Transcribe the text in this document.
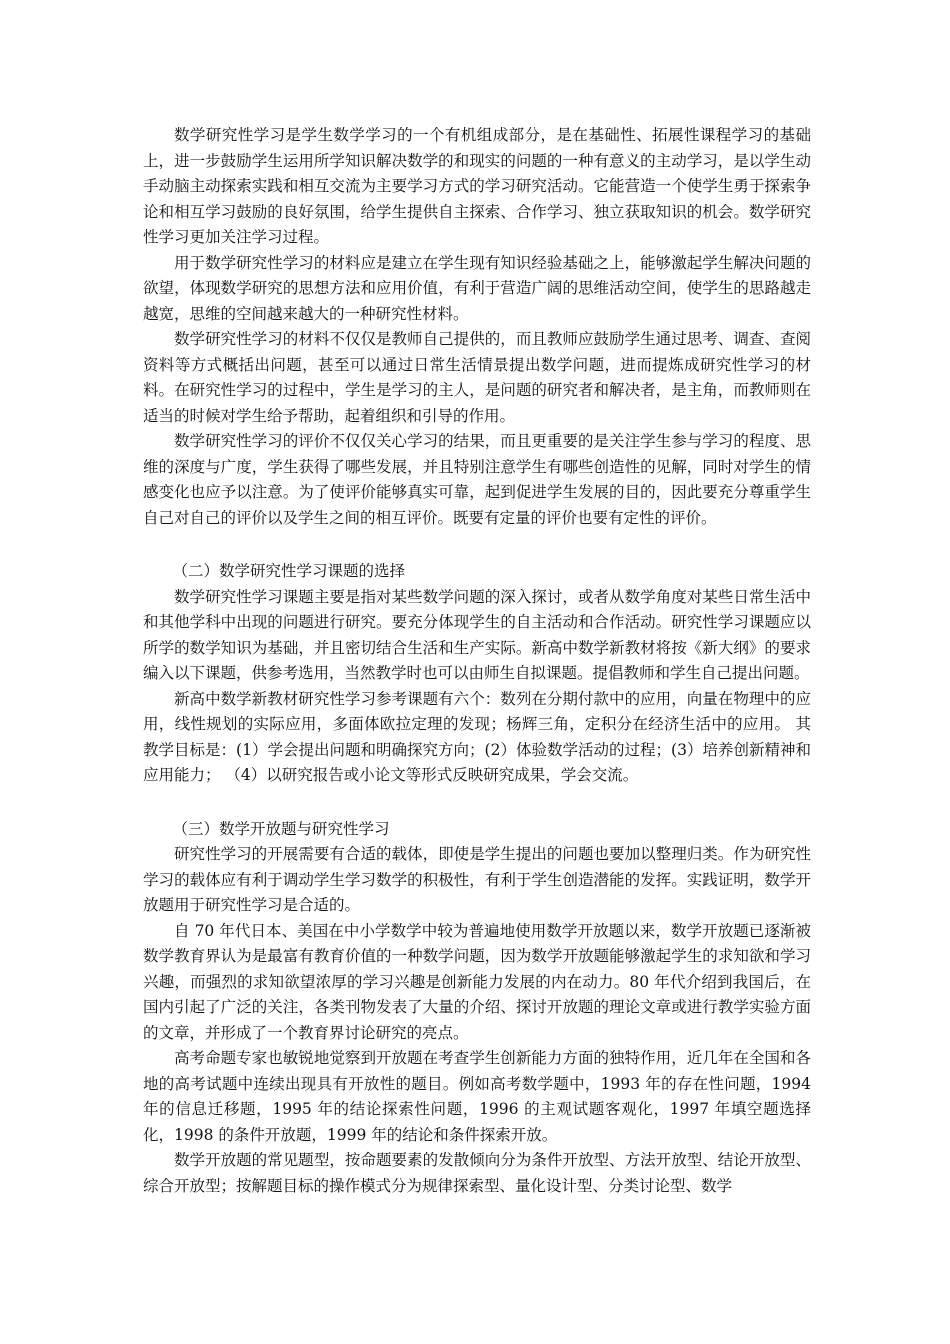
数学研究性学习是学生数学学习的一个有机组成部分，是在基础性、拓展性课程学习的基础上，进一步鼓励学生运用所学知识解决数学的和现实的问题的一种有意义的主动学习，是以学生动手动脑主动探索实践和相互交流为主要学习方式的学习研究活动。它能营造一个使学生勇于探索争论和相互学习鼓励的良好氛围，给学生提供自主探索、合作学习、独立获取知识的机会。数学研究性学习更加关注学习过程。

用于数学研究性学习的材料应是建立在学生现有知识经验基础之上，能够激起学生解决问题的欲望，体现数学研究的思想方法和应用价值，有利于营造广阔的思维活动空间，使学生的思路越走越宽，思维的空间越来越大的一种研究性材料。

数学研究性学习的材料不仅仅是教师自己提供的，而且教师应鼓励学生通过思考、调查、查阅资料等方式概括出问题，甚至可以通过日常生活情景提出数学问题，进而提炼成研究性学习的材料。在研究性学习的过程中，学生是学习的主人，是问题的研究者和解决者，是主角，而教师则在适当的时候对学生给予帮助，起着组织和引导的作用。

数学研究性学习的评价不仅仅关心学习的结果，而且更重要的是关注学生参与学习的程度、思维的深度与广度，学生获得了哪些发展，并且特别注意学生有哪些创造性的见解，同时对学生的情感变化也应予以注意。为了使评价能够真实可靠，起到促进学生发展的目的，因此要充分尊重学生自己对自己的评价以及学生之间的相互评价。既要有定量的评价也要有定性的评价。

（二）数学研究性学习课题的选择

数学研究性学习课题主要是指对某些数学问题的深入探讨，或者从数学角度对某些日常生活中和其他学科中出现的问题进行研究。要充分体现学生的自主活动和合作活动。研究性学习课题应以所学的数学知识为基础，并且密切结合生活和生产实际。新高中数学新教材将按《新大纲》的要求编入以下课题，供参考选用，当然教学时也可以由师生自拟课题。提倡教师和学生自己提出问题。

新高中数学新教材研究性学习参考课题有六个：数列在分期付款中的应用，向量在物理中的应用，线性规划的实际应用，多面体欧拉定理的发现；杨辉三角，定积分在经济生活中的应用。 其教学目标是：(1）学会提出问题和明确探究方向；(2）体验数学活动的过程；(3）培养创新精神和应用能力； （4）以研究报告或小论文等形式反映研究成果，学会交流。

（三）数学开放题与研究性学习

研究性学习的开展需要有合适的载体，即使是学生提出的问题也要加以整理归类。作为研究性学习的载体应有利于调动学生学习数学的积极性，有利于学生创造潜能的发挥。实践证明，数学开放题用于研究性学习是合适的。

自 70 年代日本、美国在中小学数学中较为普遍地使用数学开放题以来，数学开放题已逐渐被数学教育界认为是最富有教育价值的一种数学问题，因为数学开放题能够激起学生的求知欲和学习兴趣，而强烈的求知欲望浓厚的学习兴趣是创新能力发展的内在动力。80 年代介绍到我国后，在国内引起了广泛的关注，各类刊物发表了大量的介绍、探讨开放题的理论文章或进行教学实验方面的文章，并形成了一个教育界讨论研究的亮点。

高考命题专家也敏锐地觉察到开放题在考查学生创新能力方面的独特作用，近几年在全国和各地的高考试题中连续出现具有开放性的题目。例如高考数学题中，1993 年的存在性问题，1994 年的信息迁移题，1995 年的结论探索性问题，1996 的主观试题客观化，1997 年填空题选择化，1998 的条件开放题，1999 年的结论和条件探索开放。

数学开放题的常见题型，按命题要素的发散倾向分为条件开放型、方法开放型、结论开放型、综合开放型；按解题目标的操作模式分为规律探索型、量化设计型、分类讨论型、数学
